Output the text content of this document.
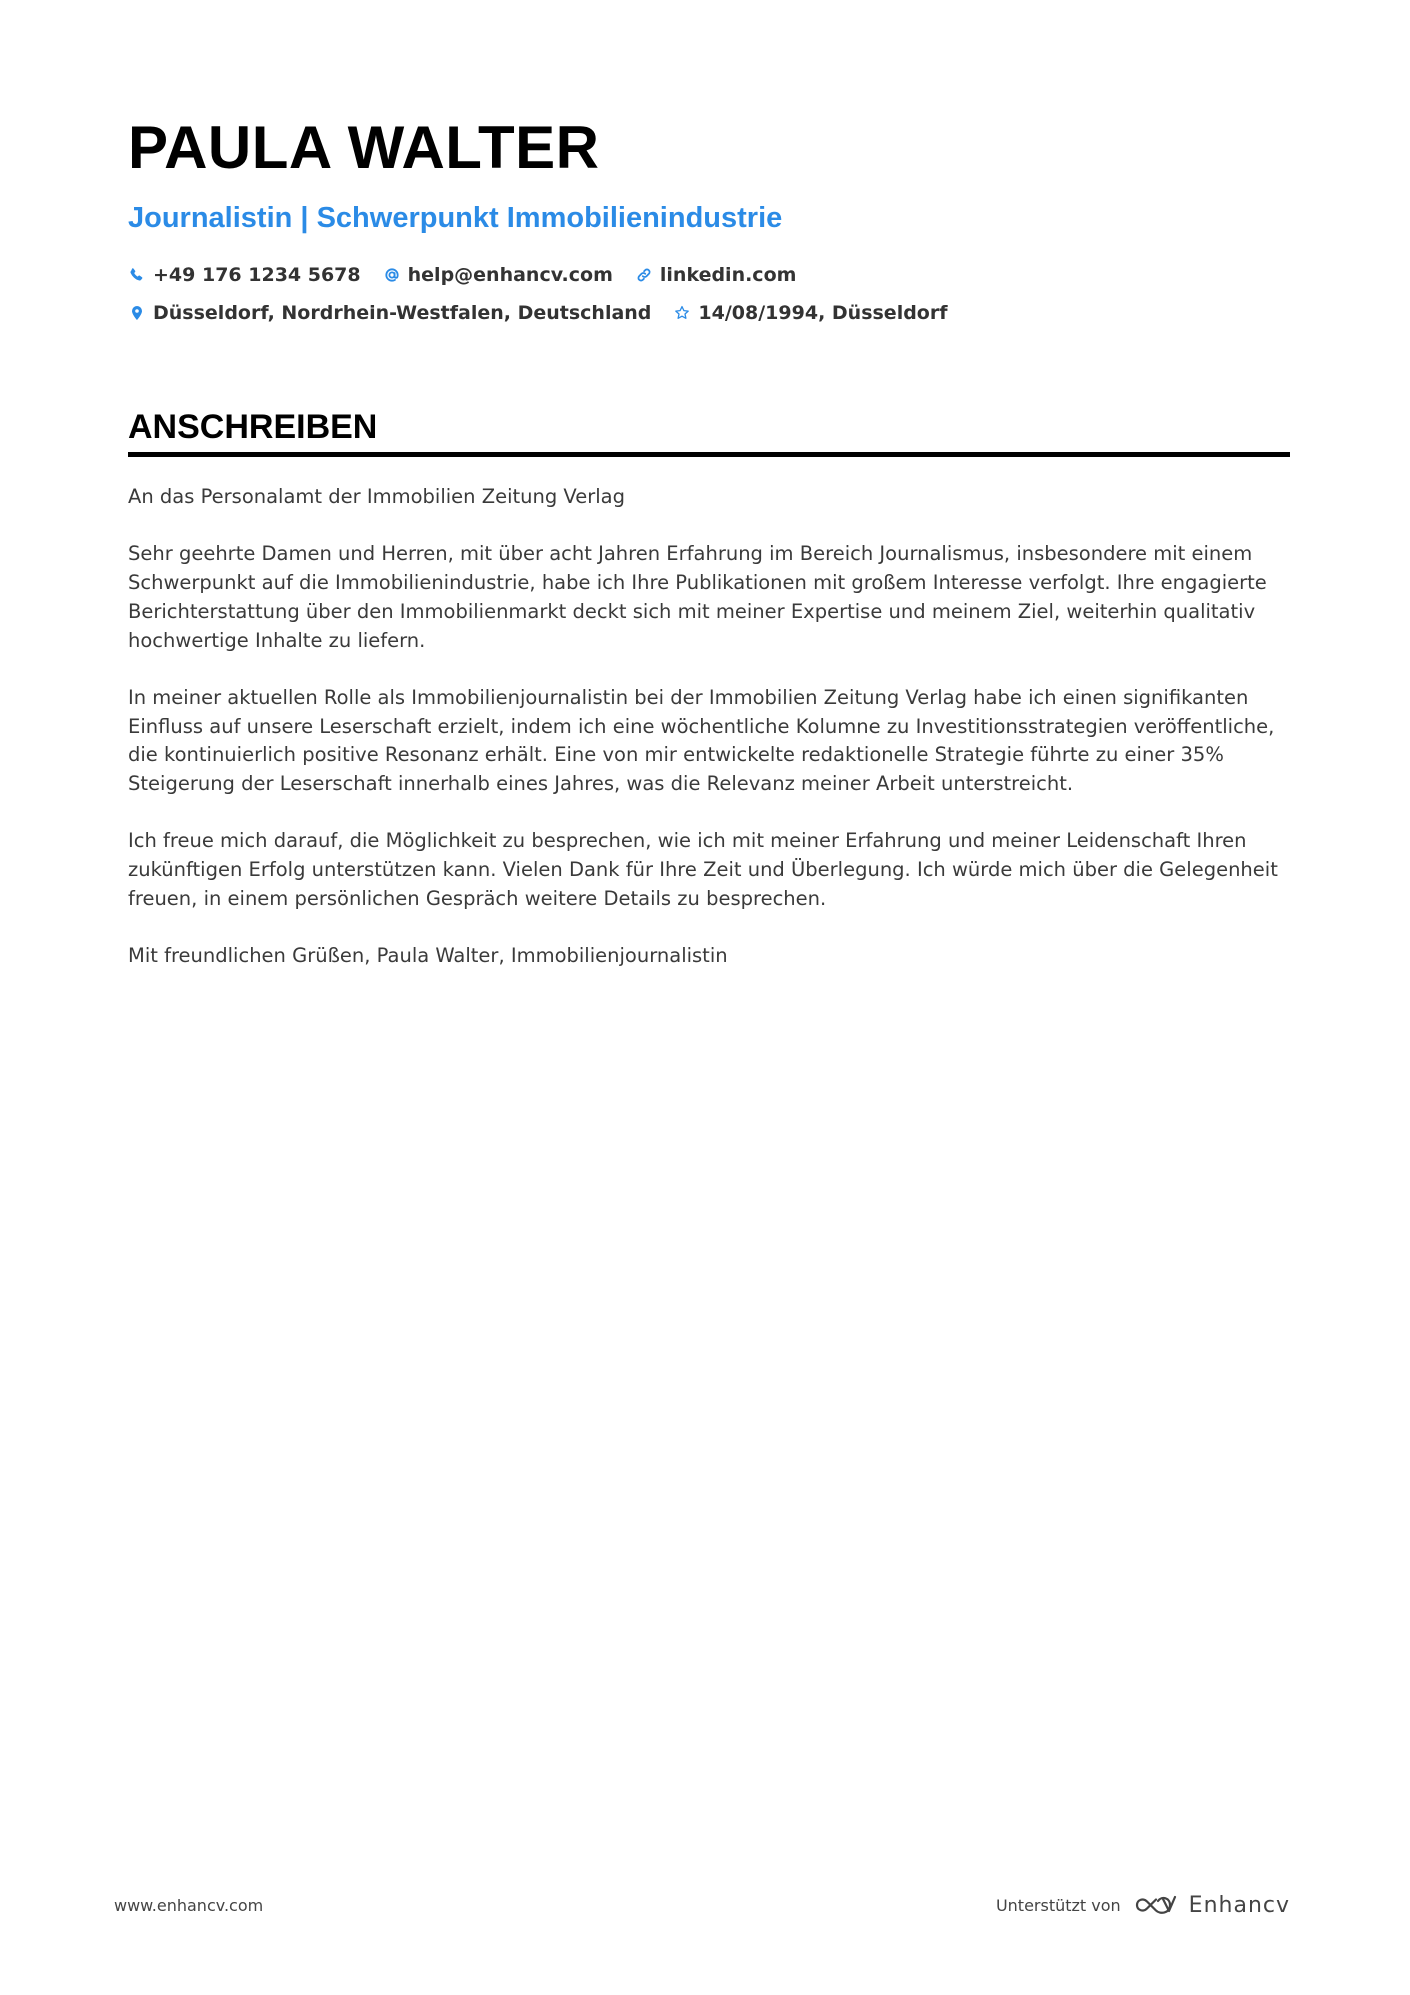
PAULA WALTER
Journalistin | Schwerpunkt Immobilienindustrie
+49 176 1234 5678 help@enhancv.com linkedin.com
Düsseldorf, Nordrhein-Westfalen, Deutschland 14/08/1994, Düsseldorf
ANSCHREIBEN

An das Personalamt der Immobilien Zeitung Verlag

Sehr geehrte Damen und Herren, mit über acht Jahren Erfahrung im Bereich Journalismus, insbesondere mit einem Schwerpunkt auf die Immobilienindustrie, habe ich Ihre Publikationen mit großem Interesse verfolgt. Ihre engagierte Berichterstattung über den Immobilienmarkt deckt sich mit meiner Expertise und meinem Ziel, weiterhin qualitativ hochwertige Inhalte zu liefern.

In meiner aktuellen Rolle als Immobilienjournalistin bei der Immobilien Zeitung Verlag habe ich einen signifikanten Einfluss auf unsere Leserschaft erzielt, indem ich eine wöchentliche Kolumne zu Investitionsstrategien veröffentliche, die kontinuierlich positive Resonanz erhält. Eine von mir entwickelte redaktionelle Strategie führte zu einer 35% Steigerung der Leserschaft innerhalb eines Jahres, was die Relevanz meiner Arbeit unterstreicht.

Ich freue mich darauf, die Möglichkeit zu besprechen, wie ich mit meiner Erfahrung und meiner Leidenschaft Ihren zukünftigen Erfolg unterstützen kann. Vielen Dank für Ihre Zeit und Überlegung. Ich würde mich über die Gelegenheit freuen, in einem persönlichen Gespräch weitere Details zu besprechen.

Mit freundlichen Grüßen, Paula Walter, Immobilienjournalistin

www.enhancv.com	Unterstützt von	Enhancv
